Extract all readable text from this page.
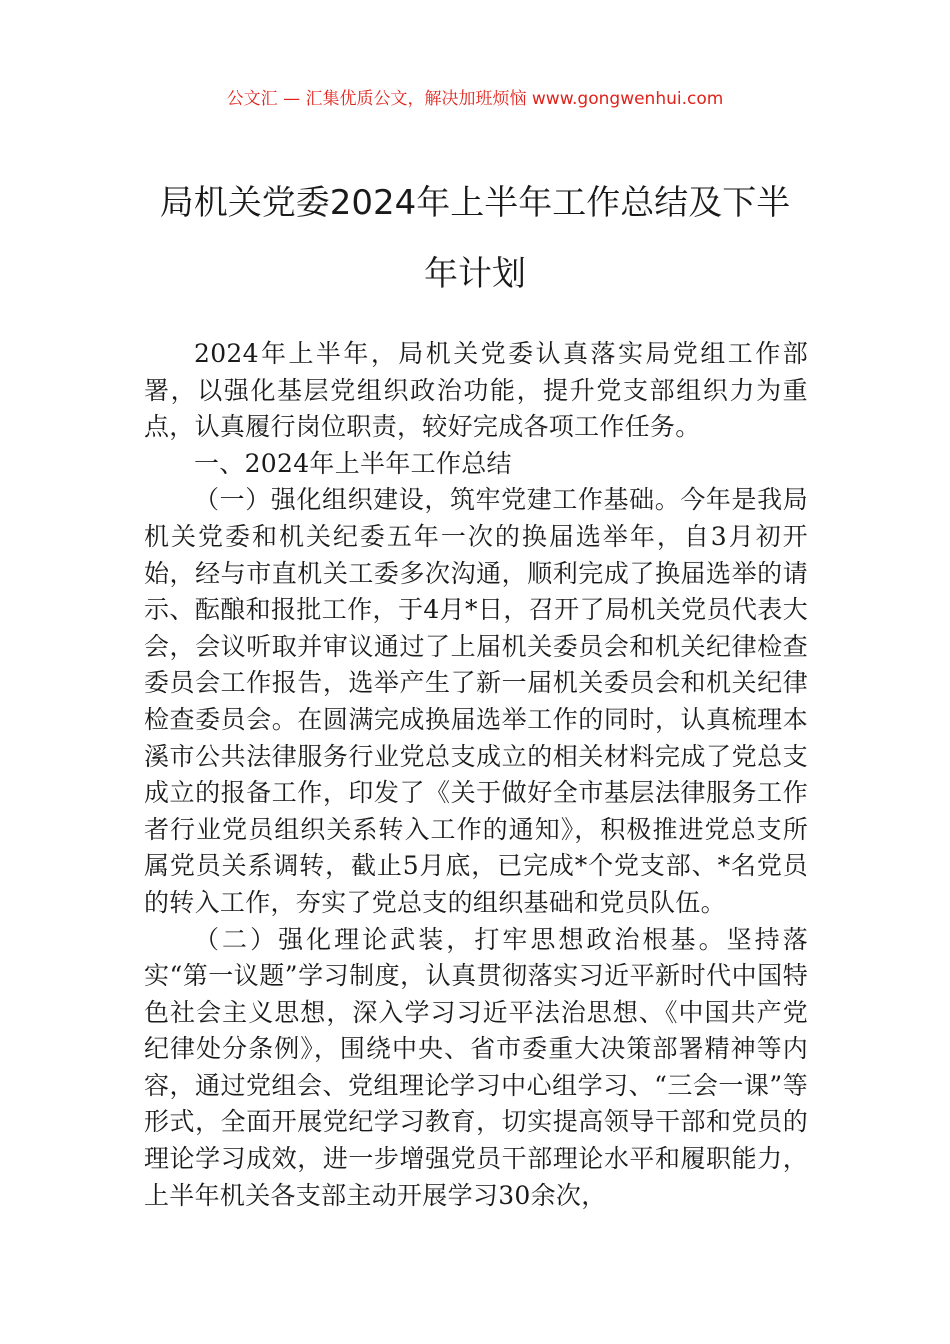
公文汇 — 汇集优质公文，解决加班烦恼 www.gongwenhui.com
局机关党委2024年上半年工作总结及下半
年计划

2024年上半年，局机关党委认真落实局党组工作部署，以强化基层党组织政治功能，提升党支部组织力为重点，认真履行岗位职责，较好完成各项工作任务。

一、2024年上半年工作总结

（一）强化组织建设，筑牢党建工作基础。今年是我局机关党委和机关纪委五年一次的换届选举年，自3月初开始，经与市直机关工委多次沟通，顺利完成了换届选举的请示、酝酿和报批工作，于4月*日，召开了局机关党员代表大会，会议听取并审议通过了上届机关委员会和机关纪律检查委员会工作报告，选举产生了新一届机关委员会和机关纪律检查委员会。在圆满完成换届选举工作的同时，认真梳理本溪市公共法律服务行业党总支成立的相关材料完成了党总支成立的报备工作，印发了《关于做好全市基层法律服务工作者行业党员组织关系转入工作的通知》，积极推进党总支所属党员关系调转，截止5月底，已完成*个党支部、*名党员的转入工作，夯实了党总支的组织基础和党员队伍。

（二）强化理论武装，打牢思想政治根基。坚持落实“第一议题”学习制度，认真贯彻落实习近平新时代中国特色社会主义思想，深入学习习近平法治思想、《中国共产党纪律处分条例》，围绕中央、省市委重大决策部署精神等内容，通过党组会、党组理论学习中心组学习、“三会一课”等形式，全面开展党纪学习教育，切实提高领导干部和党员的理论学习成效，进一步增强党员干部理论水平和履职能力，上半年机关各支部主动开展学习30余次，
